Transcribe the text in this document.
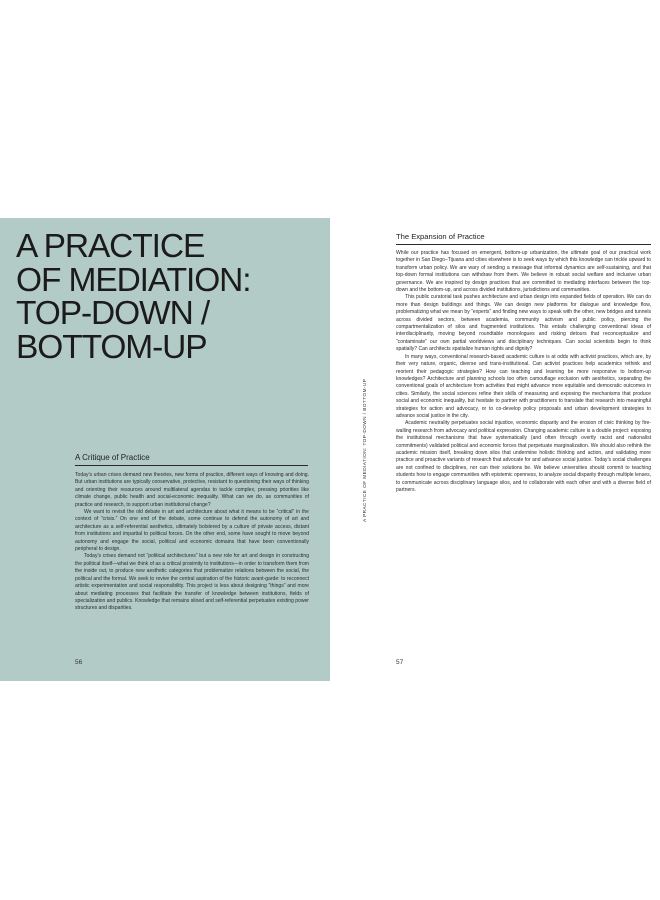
A PRACTICE
OF MEDIATION:
TOP-DOWN /
BOTTOM-UP
A Critique of Practice

Today’s urban crises demand new theories, new forms of practice, different ways of knowing and doing. But urban institutions are typically conservative, protective, resistant to questioning their ways of thinking and orienting their resources around multilateral agendas to tackle complex, pressing priorities like climate change, public health and social-economic inequality. What can we do, as communities of practice and research, to support urban institutional change?

We want to revisit the old debate in art and architecture about what it means to be “critical” in the context of “crisis.” On one end of the debate, some continue to defend the autonomy of art and architecture as a self-referential aesthetics, ultimately bolstered by a culture of private access, distant from institutions and impartial to political forces. On the other end, some have sought to move beyond autonomy and engage the social, political and economic domains that have been conventionally peripheral to design.

Today’s crises demand not “political architectures” but a new role for art and design in constructing the political itself—what we think of as a critical proximity to institutions—in order to transform them from the inside out, to produce new aesthetic categories that problematize relations between the social, the political and the formal. We seek to revive the central aspiration of the historic avant-garde: to reconnect artistic experimentation and social responsibility. This project is less about designing “things” and more about mediating processes that facilitate the transfer of knowledge between institutions, fields of specialization and publics. Knowledge that remains siloed and self-referential perpetuates existing power structures and disparities.

56
A PRACTICE OF MEDIATION: TOP-DOWN / BOTTOM-UP
The Expansion of Practice

While our practice has focused on emergent, bottom-up urbanization, the ultimate goal of our practical work together in San Diego–Tijuana and cities elsewhere is to seek ways by which this knowledge can trickle upward to transform urban policy. We are wary of sending a message that informal dynamics are self-sustaining, and that top-down formal institutions can withdraw from them. We believe in robust social welfare and inclusive urban governance. We are inspired by design practices that are committed to mediating interfaces between the top-down and the bottom-up, and across divided institutions, jurisdictions and communities.

This public curatorial task pushes architecture and urban design into expanded fields of operation. We can do more than design buildings and things. We can design new platforms for dialogue and knowledge flow, problematizing what we mean by “experts” and finding new ways to speak with the other, new bridges and tunnels across divided sectors, between academia, community activism and public policy, piercing the compartmentalization of silos and fragmented institutions. This entails challenging conventional ideas of interdisciplinarity, moving beyond roundtable monologues and risking detours that reconceptualize and “contaminate” our own partial worldviews and disciplinary techniques. Can social scientists begin to think spatially? Can architects spatialize human rights and dignity?

In many ways, conventional research-based academic culture is at odds with activist practices, which are, by their very nature, organic, diverse and trans-institutional. Can activist practices help academics rethink and reorient their pedagogic strategies? How can teaching and learning be more responsive to bottom-up knowledges? Architecture and planning schools too often camouflage exclusion with aesthetics, separating the conventional goals of architecture from activities that might advance more equitable and democratic outcomes in cities. Similarly, the social sciences refine their skills of measuring and exposing the mechanisms that produce social and economic inequality, but hesitate to partner with practitioners to translate that research into meaningful strategies for action and advocacy, or to co-develop policy proposals and urban development strategies to advance social justice in the city.

Academic neutrality perpetuates social injustice, economic disparity and the erosion of civic thinking by fire-walling research from advocacy and political expression. Changing academic culture is a double project: exposing the institutional mechanisms that have systematically (and often through overtly racist and nationalist commitments) validated political and economic forces that perpetuate marginalization. We should also rethink the academic mission itself, breaking down silos that undermine holistic thinking and action, and validating more practice and proactive variants of research that advocate for and advance social justice. Today’s social challenges are not confined to disciplines, nor can their solutions be. We believe universities should commit to teaching students how to engage communities with epistemic openness, to analyze social disparity through multiple lenses, to communicate across disciplinary language silos, and to collaborate with each other and with a diverse field of partners.

57
